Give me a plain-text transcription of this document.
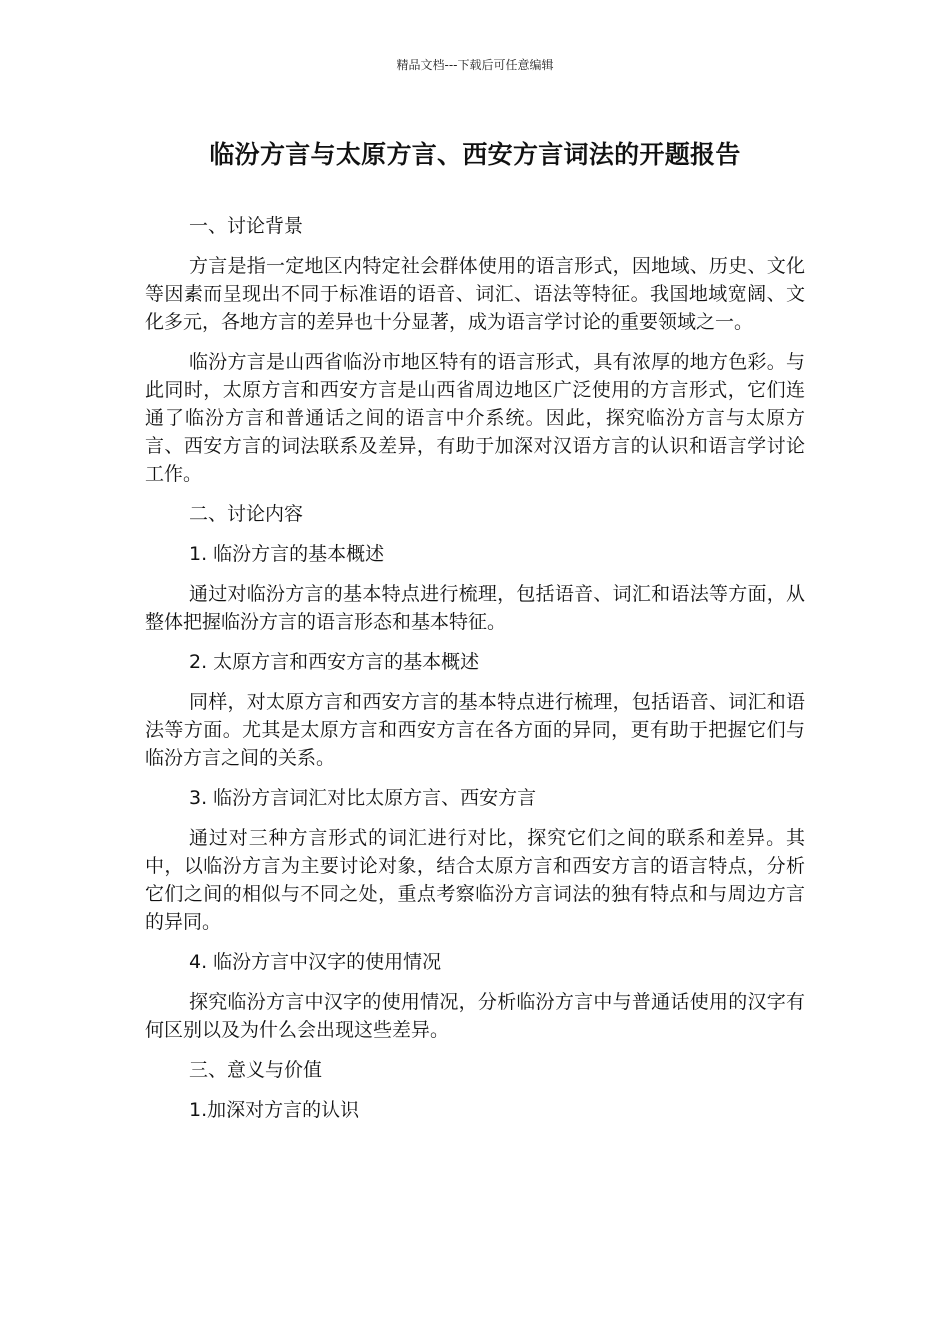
精品文档---下载后可任意编辑
临汾方言与太原方言、西安方言词法的开题报告

一、讨论背景

方言是指一定地区内特定社会群体使用的语言形式，因地域、历史、文化等因素而呈现出不同于标准语的语音、词汇、语法等特征。我国地域宽阔、文化多元，各地方言的差异也十分显著，成为语言学讨论的重要领域之一。

临汾方言是山西省临汾市地区特有的语言形式，具有浓厚的地方色彩。与此同时，太原方言和西安方言是山西省周边地区广泛使用的方言形式，它们连通了临汾方言和普通话之间的语言中介系统。因此，探究临汾方言与太原方言、西安方言的词法联系及差异，有助于加深对汉语方言的认识和语言学讨论工作。

二、讨论内容

1. 临汾方言的基本概述

通过对临汾方言的基本特点进行梳理，包括语音、词汇和语法等方面，从整体把握临汾方言的语言形态和基本特征。

2. 太原方言和西安方言的基本概述

同样，对太原方言和西安方言的基本特点进行梳理，包括语音、词汇和语法等方面。尤其是太原方言和西安方言在各方面的异同，更有助于把握它们与临汾方言之间的关系。

3. 临汾方言词汇对比太原方言、西安方言

通过对三种方言形式的词汇进行对比，探究它们之间的联系和差异。其中，以临汾方言为主要讨论对象，结合太原方言和西安方言的语言特点，分析它们之间的相似与不同之处，重点考察临汾方言词法的独有特点和与周边方言的异同。

4. 临汾方言中汉字的使用情况

探究临汾方言中汉字的使用情况，分析临汾方言中与普通话使用的汉字有何区别以及为什么会出现这些差异。

三、意义与价值

1.加深对方言的认识
